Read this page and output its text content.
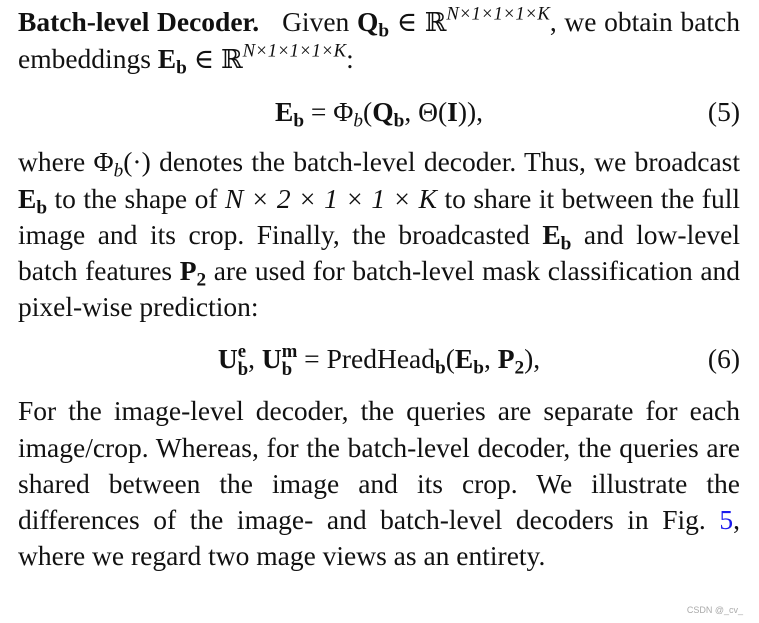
Batch-level Decoder. Given $Q_b$ ∈ ℝ$^{N\times 1\times 1\times 1\times K}$, we obtain batch embeddings $E_b$ ∈ ℝ$^{N\times 1\times 1\times 1\times K}$:

$E_b = \Phi_b(Q_b$, Θ(I)),	(5)

where $\Phi_b(\cdot)$ denotes the batch-level decoder. Thus, we broadcast $E_b$ to the shape of N × 2 × 1 × 1 × K to share it between the full image and its crop. Finally, the broadcasted $E_b$ and low-level batch features $P_2$ are used for batch-level mask classification and pixel-wise prediction:

U e
b , U m
$b = PredHead_b(E_b$, $P_2$),	(6)

For the image-level decoder, the queries are separate for each image/crop. Whereas, for the batch-level decoder, the queries are shared between the image and its crop. We illustrate the differences of the image- and batch-level decoders in Fig. 5, where we regard two mage views as an entirety.

CSDN @_cv_
